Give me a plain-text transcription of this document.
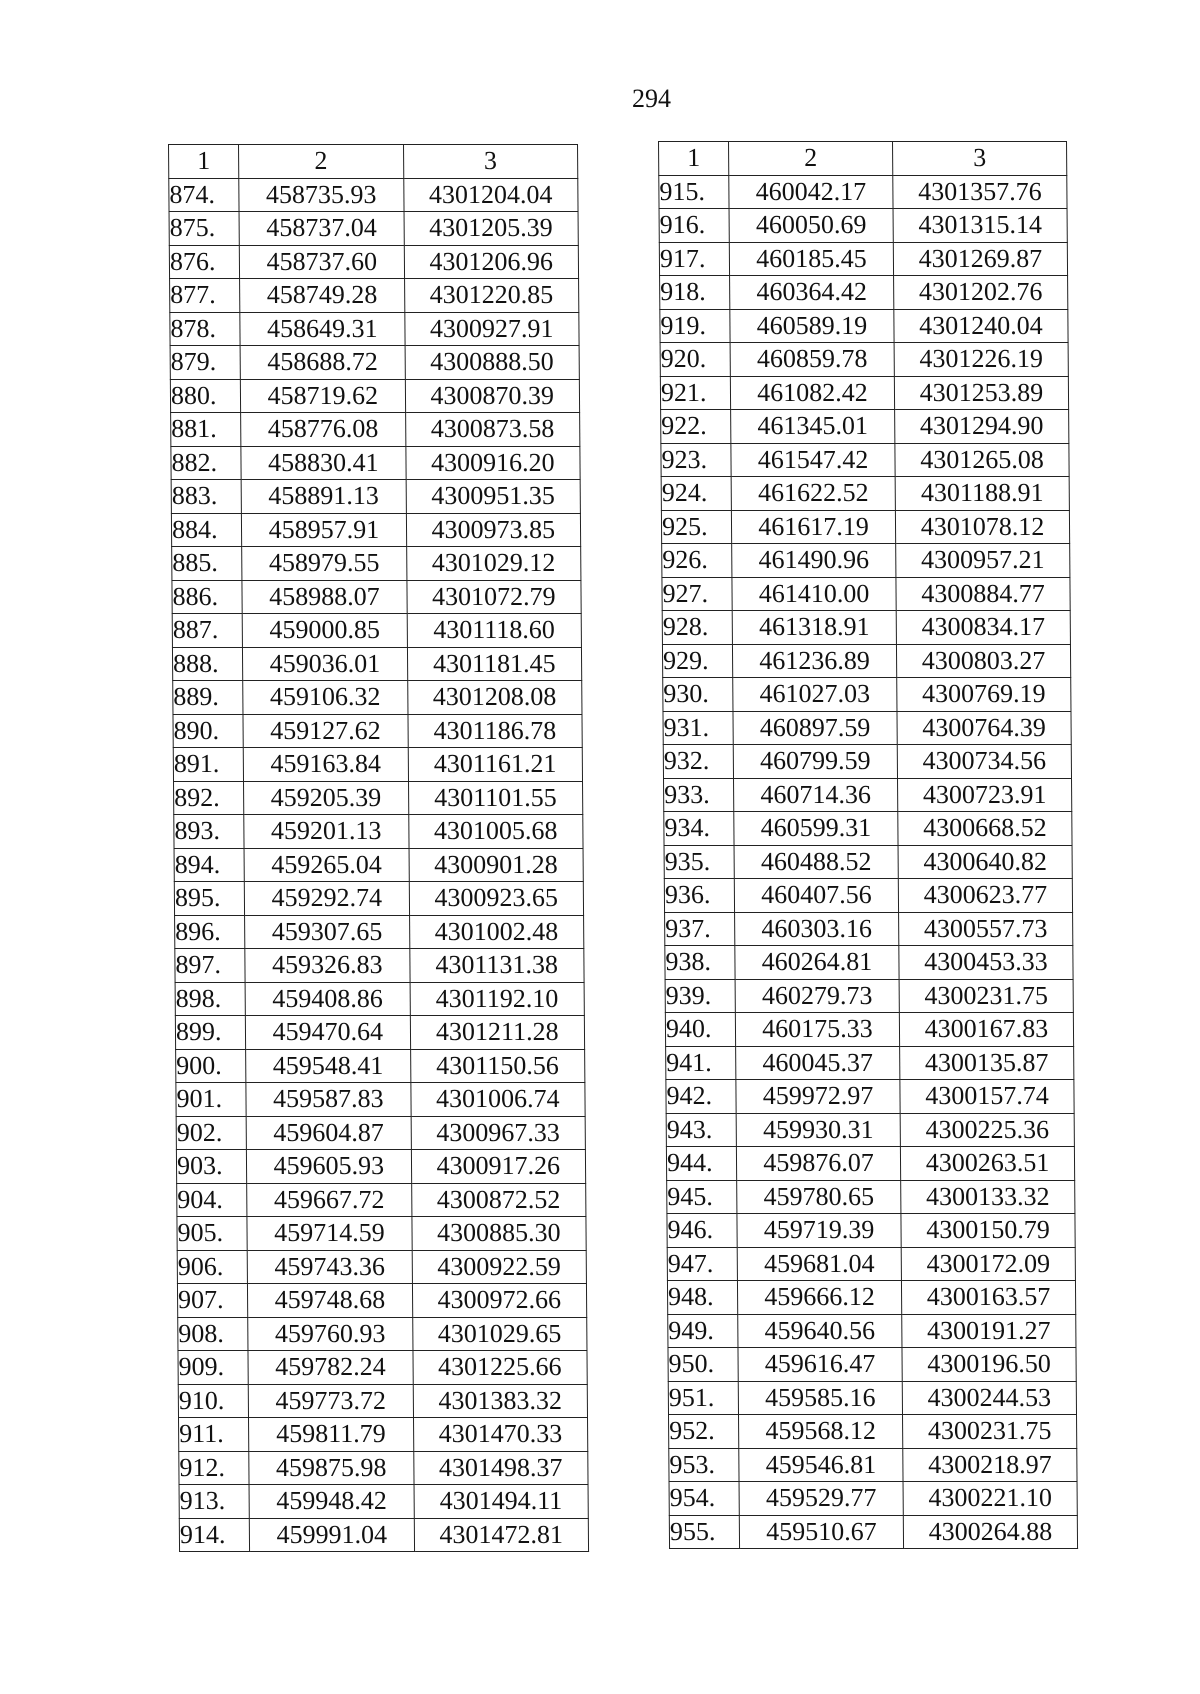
294
1	2	3
874.	458735.93	4301204.04
875.	458737.04	4301205.39
876.	458737.60	4301206.96
877.	458749.28	4301220.85
878.	458649.31	4300927.91
879.	458688.72	4300888.50
880.	458719.62	4300870.39
881.	458776.08	4300873.58
882.	458830.41	4300916.20
883.	458891.13	4300951.35
884.	458957.91	4300973.85
885.	458979.55	4301029.12
886.	458988.07	4301072.79
887.	459000.85	4301118.60
888.	459036.01	4301181.45
889.	459106.32	4301208.08
890.	459127.62	4301186.78
891.	459163.84	4301161.21
892.	459205.39	4301101.55
893.	459201.13	4301005.68
894.	459265.04	4300901.28
895.	459292.74	4300923.65
896.	459307.65	4301002.48
897.	459326.83	4301131.38
898.	459408.86	4301192.10
899.	459470.64	4301211.28
900.	459548.41	4301150.56
901.	459587.83	4301006.74
902.	459604.87	4300967.33
903.	459605.93	4300917.26
904.	459667.72	4300872.52
905.	459714.59	4300885.30
906.	459743.36	4300922.59
907.	459748.68	4300972.66
908.	459760.93	4301029.65
909.	459782.24	4301225.66
910.	459773.72	4301383.32
911.	459811.79	4301470.33
912.	459875.98	4301498.37
913.	459948.42	4301494.11
914.	459991.04	4301472.81
1	2	3
915.	460042.17	4301357.76
916.	460050.69	4301315.14
917.	460185.45	4301269.87
918.	460364.42	4301202.76
919.	460589.19	4301240.04
920.	460859.78	4301226.19
921.	461082.42	4301253.89
922.	461345.01	4301294.90
923.	461547.42	4301265.08
924.	461622.52	4301188.91
925.	461617.19	4301078.12
926.	461490.96	4300957.21
927.	461410.00	4300884.77
928.	461318.91	4300834.17
929.	461236.89	4300803.27
930.	461027.03	4300769.19
931.	460897.59	4300764.39
932.	460799.59	4300734.56
933.	460714.36	4300723.91
934.	460599.31	4300668.52
935.	460488.52	4300640.82
936.	460407.56	4300623.77
937.	460303.16	4300557.73
938.	460264.81	4300453.33
939.	460279.73	4300231.75
940.	460175.33	4300167.83
941.	460045.37	4300135.87
942.	459972.97	4300157.74
943.	459930.31	4300225.36
944.	459876.07	4300263.51
945.	459780.65	4300133.32
946.	459719.39	4300150.79
947.	459681.04	4300172.09
948.	459666.12	4300163.57
949.	459640.56	4300191.27
950.	459616.47	4300196.50
951.	459585.16	4300244.53
952.	459568.12	4300231.75
953.	459546.81	4300218.97
954.	459529.77	4300221.10
955.	459510.67	4300264.88
